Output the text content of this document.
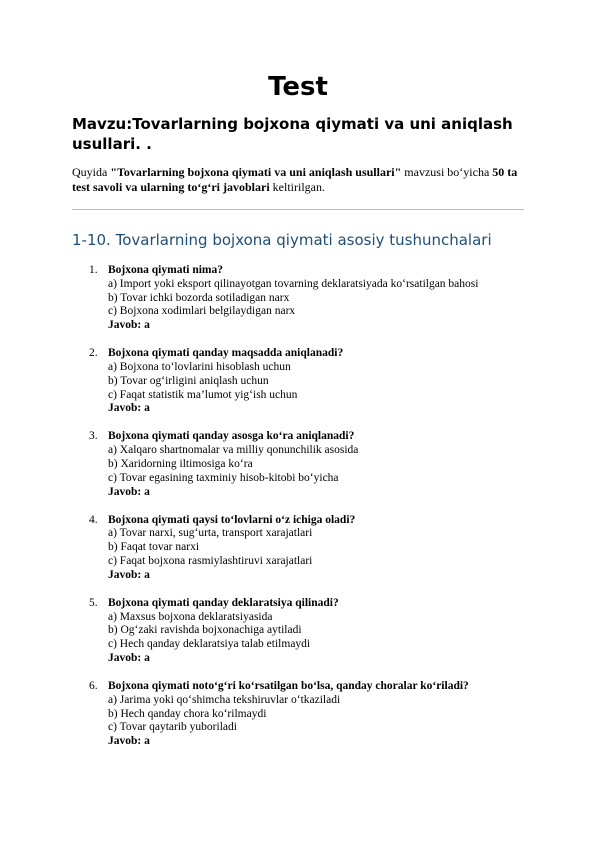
Test
Mavzu:Tovarlarning bojxona qiymati va uni aniqlash usullari. .

Quyida "Tovarlarning bojxona qiymati va uni aniqlash usullari" mavzusi bo‘yicha 50 ta test savoli va ularning to‘g‘ri javoblari keltirilgan.

1-10. Tovarlarning bojxona qiymati asosiy tushunchalari
1. Bojxona qiymati nima?
a) Import yoki eksport qilinayotgan tovarning deklaratsiyada ko‘rsatilgan bahosi
b) Tovar ichki bozorda sotiladigan narx
c) Bojxona xodimlari belgilaydigan narx
Javob: a
2. Bojxona qiymati qanday maqsadda aniqlanadi?
a) Bojxona to‘lovlarini hisoblash uchun
b) Tovar og‘irligini aniqlash uchun
c) Faqat statistik ma’lumot yig‘ish uchun
Javob: a
3. Bojxona qiymati qanday asosga ko‘ra aniqlanadi?
a) Xalqaro shartnomalar va milliy qonunchilik asosida
b) Xaridorning iltimosiga ko‘ra
c) Tovar egasining taxminiy hisob-kitobi bo‘yicha
Javob: a
4. Bojxona qiymati qaysi to‘lovlarni o‘z ichiga oladi?
a) Tovar narxi, sug‘urta, transport xarajatlari
b) Faqat tovar narxi
c) Faqat bojxona rasmiylashtiruvi xarajatlari
Javob: a
5. Bojxona qiymati qanday deklaratsiya qilinadi?
a) Maxsus bojxona deklaratsiyasida
b) Og‘zaki ravishda bojxonachiga aytiladi
c) Hech qanday deklaratsiya talab etilmaydi
Javob: a
6. Bojxona qiymati noto‘g‘ri ko‘rsatilgan bo‘lsa, qanday choralar ko‘riladi?
a) Jarima yoki qo‘shimcha tekshiruvlar o‘tkaziladi
b) Hech qanday chora ko‘rilmaydi
c) Tovar qaytarib yuboriladi
Javob: a
